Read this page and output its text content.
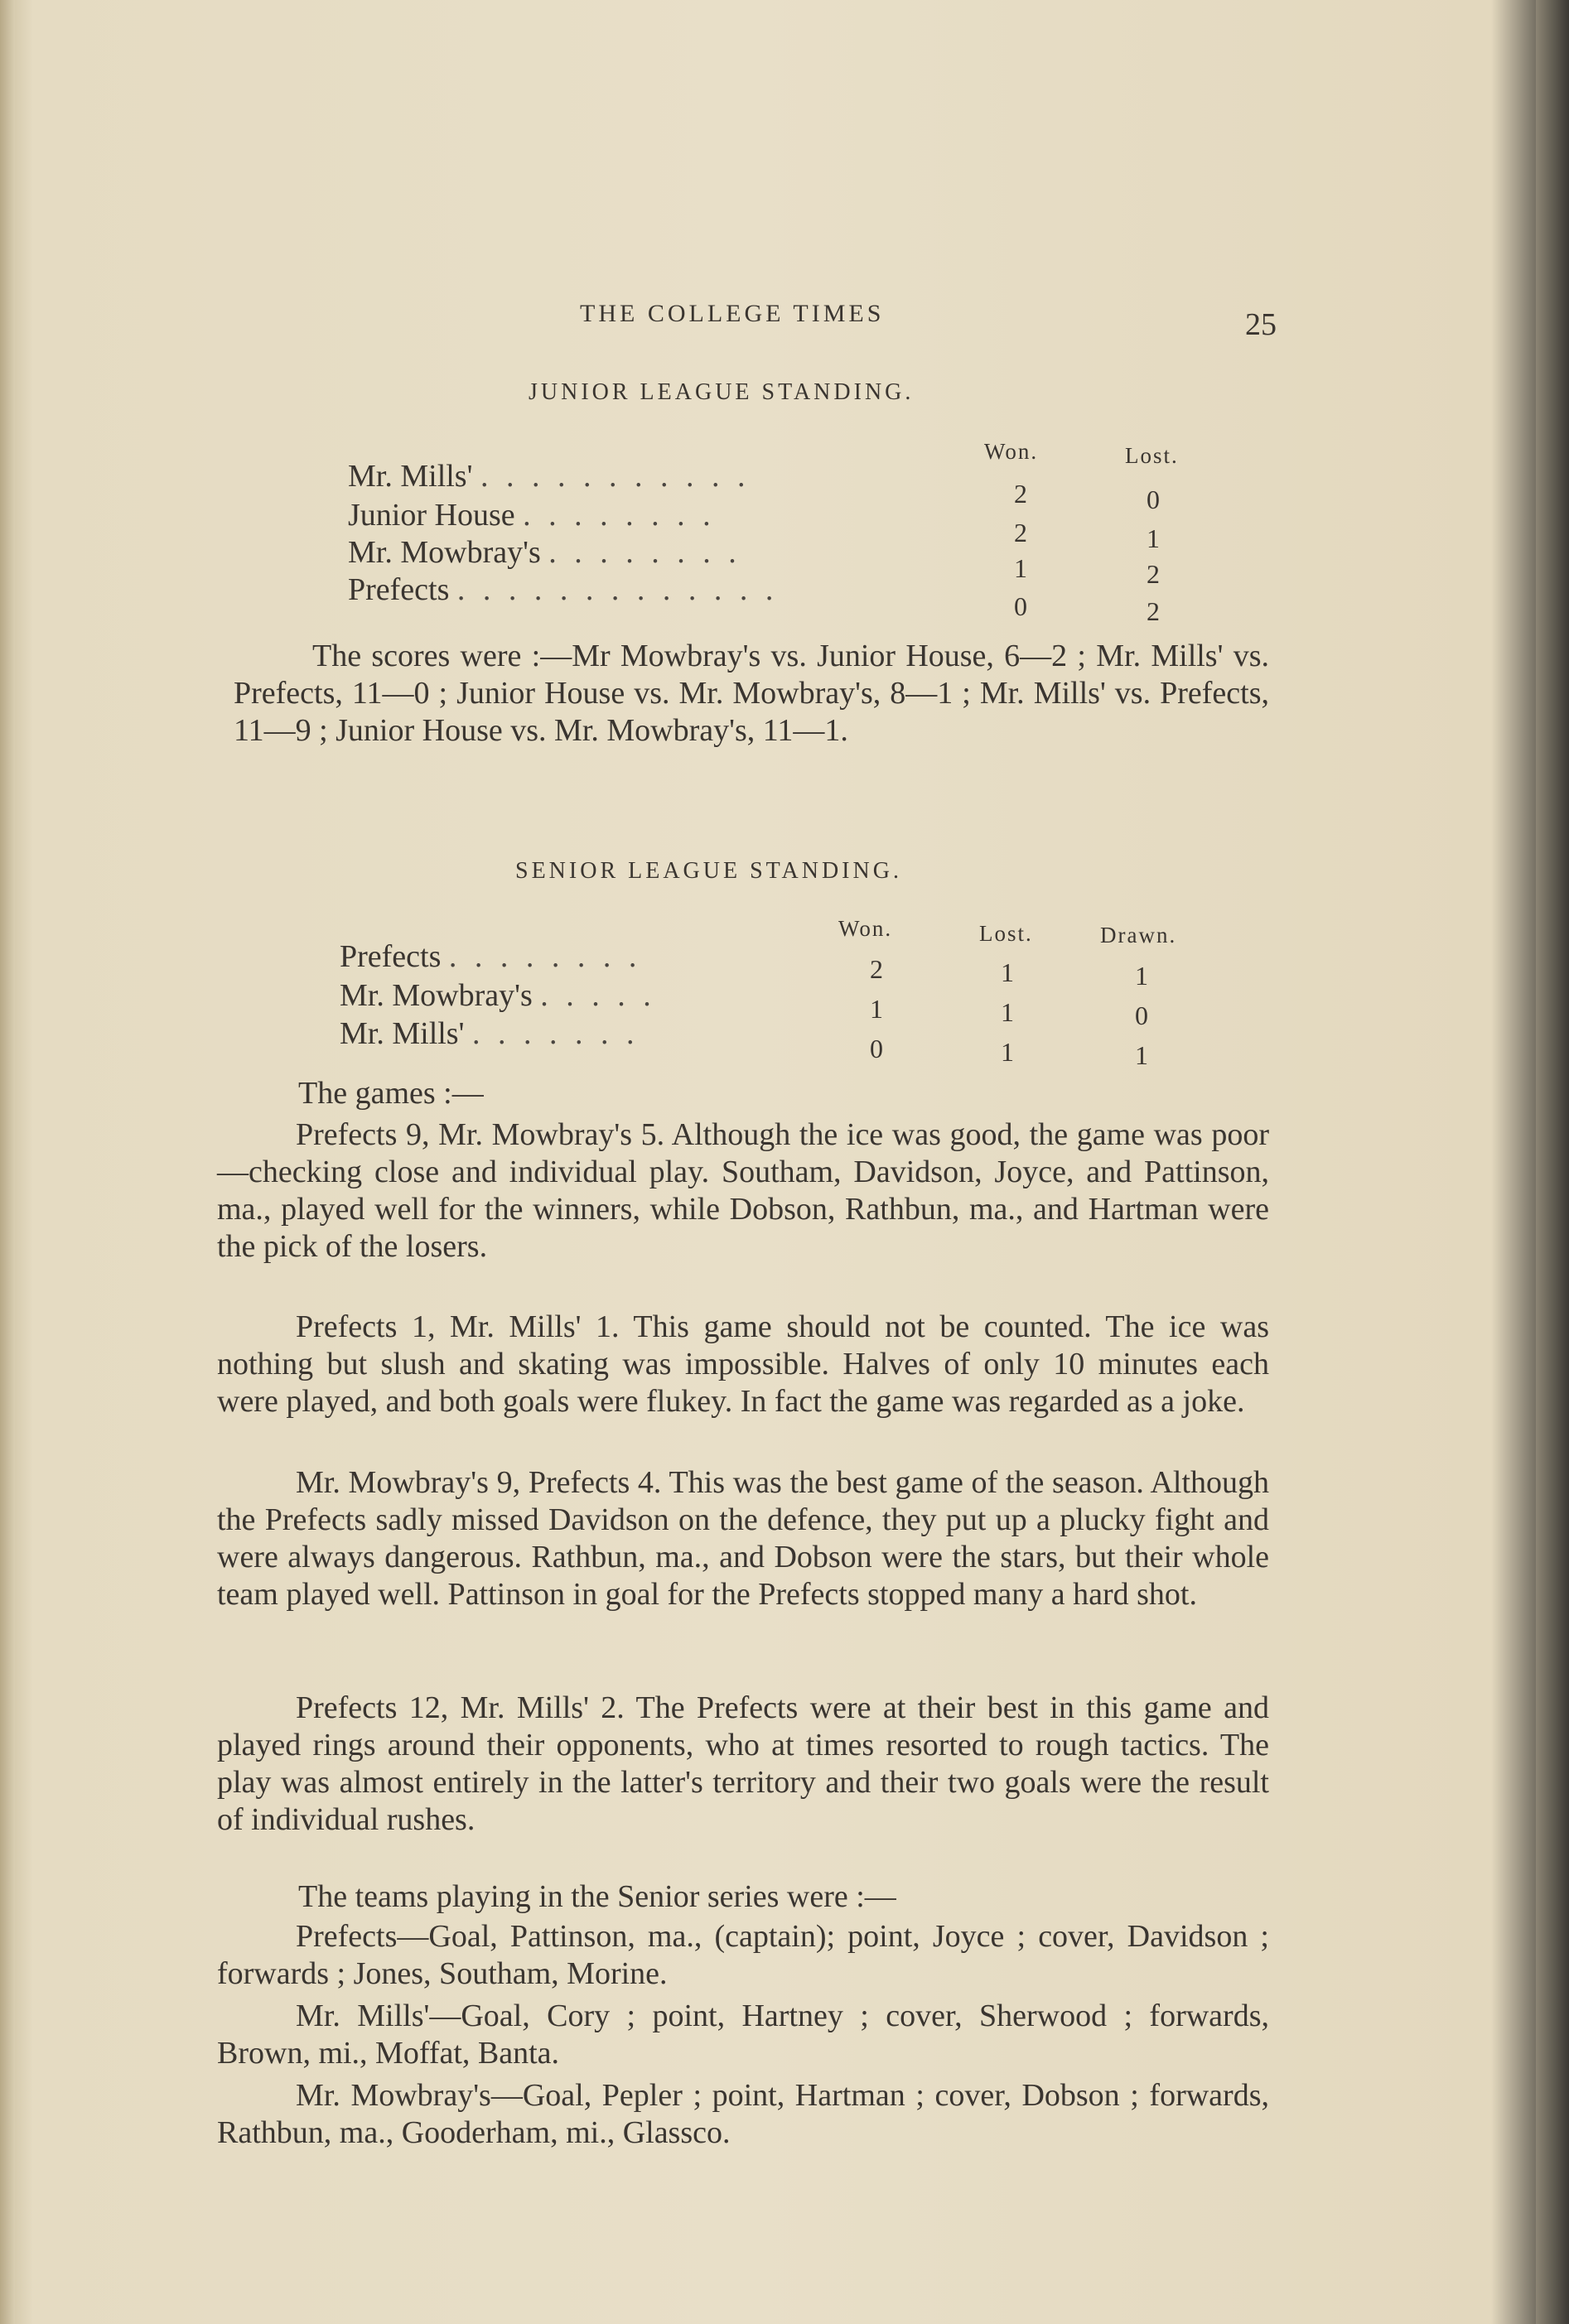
THE COLLEGE TIMES	25
JUNIOR LEAGUE STANDING.
Won.	Lost.
Mr. Mills' . . . . . . . . . . .	2	0
Junior House . . . . . . . .	2	1
Mr. Mowbray's . . . . . . . .	1	2
Prefects . . . . . . . . . . . . .	0	2

The scores were :—Mr Mowbray's vs. Junior House, 6—2 ; Mr. Mills' vs. Prefects, 11—0 ; Junior House vs. Mr. Mowbray's, 8—1 ; Mr. Mills' vs. Prefects, 11—9 ; Junior House vs. Mr. Mowbray's, 11—1.

SENIOR LEAGUE STANDING.
Won.	Lost.	Drawn.
Prefects . . . . . . . .	2	1	1
Mr. Mowbray's . . . . .	1	1	0
Mr. Mills' . . . . . . .	0	1	1
The games :—

Prefects 9, Mr. Mowbray's 5. Although the ice was good, the game was poor—checking close and individual play. Southam, Davidson, Joyce, and Pattinson, ma., played well for the winners, while Dobson, Rathbun, ma., and Hartman were the pick of the losers.

Prefects 1, Mr. Mills' 1. This game should not be counted. The ice was nothing but slush and skating was impossible. Halves of only 10 minutes each were played, and both goals were flukey. In fact the game was regarded as a joke.

Mr. Mowbray's 9, Prefects 4. This was the best game of the season. Although the Prefects sadly missed Davidson on the defence, they put up a plucky fight and were always dangerous. Rathbun, ma., and Dobson were the stars, but their whole team played well. Pattinson in goal for the Prefects stopped many a hard shot.

Prefects 12, Mr. Mills' 2. The Prefects were at their best in this game and played rings around their opponents, who at times resorted to rough tactics. The play was almost entirely in the latter's territory and their two goals were the result of individual rushes.

The teams playing in the Senior series were :—

Prefects—Goal, Pattinson, ma., (captain); point, Joyce ; cover, Davidson ; forwards ; Jones, Southam, Morine.

Mr. Mills'—Goal, Cory ; point, Hartney ; cover, Sherwood ; forwards, Brown, mi., Moffat, Banta.

Mr. Mowbray's—Goal, Pepler ; point, Hartman ; cover, Dobson ; forwards, Rathbun, ma., Gooderham, mi., Glassco.
